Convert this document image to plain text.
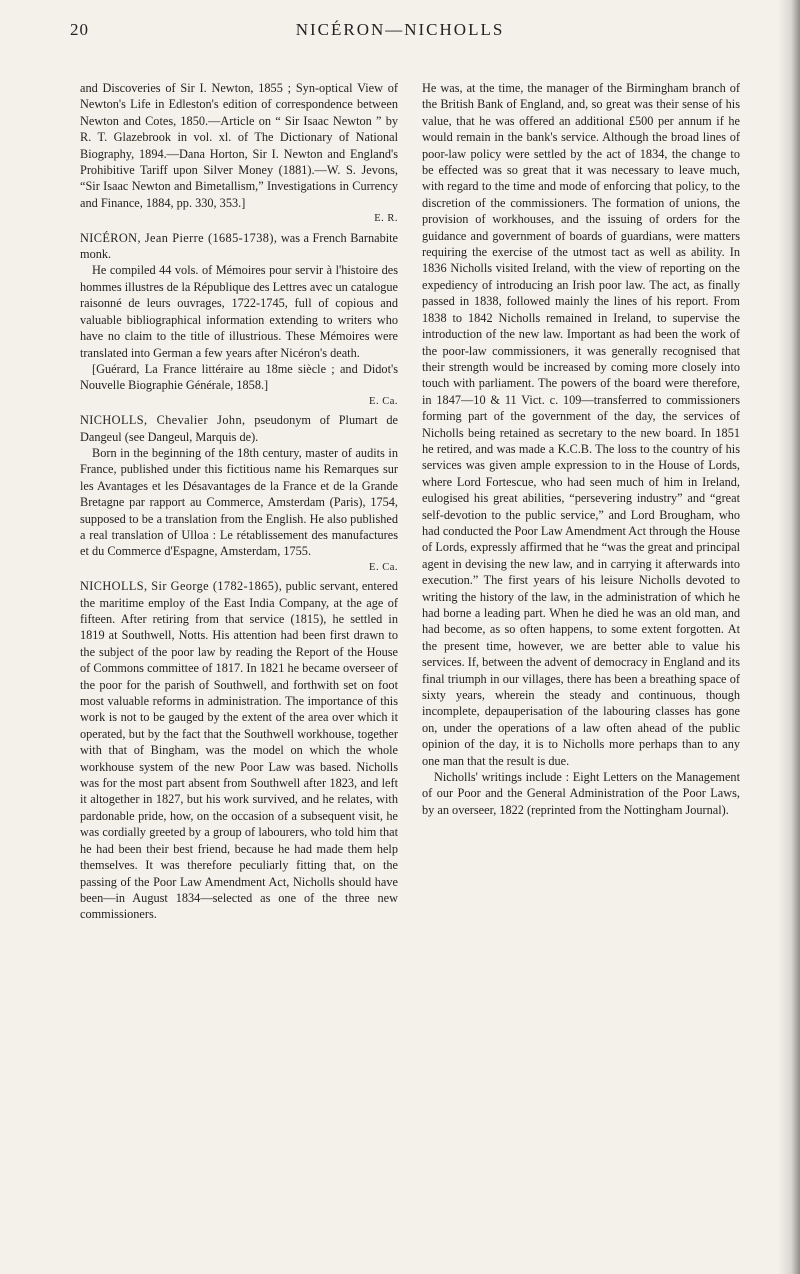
20	NICÉRON—NICHOLLS

and Discoveries of Sir I. Newton, 1855 ; Syn-optical View of Newton's Life in Edleston's edition of correspondence between Newton and Cotes, 1850.—Article on “ Sir Isaac Newton ” by R. T. Glazebrook in vol. xl. of The Dictionary of National Biography, 1894.—Dana Horton, Sir I. Newton and England's Prohibitive Tariff upon Silver Money (1881).—W. S. Jevons, “Sir Isaac Newton and Bimetallism,” Investigations in Currency and Finance, 1884, pp. 330, 353.]

E. R.

NICÉRON, Jean Pierre (1685-1738), was a French Barnabite monk.

He compiled 44 vols. of Mémoires pour servir à l'histoire des hommes illustres de la République des Lettres avec un catalogue raisonné de leurs ouvrages, 1722-1745, full of copious and valuable bibliographical information extending to writers who have no claim to the title of illustrious. These Mémoires were translated into German a few years after Nicéron's death.

[Guérard, La France littéraire au 18me siècle ; and Didot's Nouvelle Biographie Générale, 1858.]

E. Ca.

NICHOLLS, Chevalier John, pseudonym of Plumart de Dangeul (see Dangeul, Marquis de).

Born in the beginning of the 18th century, master of audits in France, published under this fictitious name his Remarques sur les Avantages et les Désavantages de la France et de la Grande Bretagne par rapport au Commerce, Amsterdam (Paris), 1754, supposed to be a translation from the English. He also published a real translation of Ulloa : Le rétablissement des manufactures et du Commerce d'Espagne, Amsterdam, 1755.

E. Ca.

NICHOLLS, Sir George (1782-1865), public servant, entered the maritime employ of the East India Company, at the age of fifteen. After retiring from that service (1815), he settled in 1819 at Southwell, Notts. His attention had been first drawn to the subject of the poor law by reading the Report of the House of Commons committee of 1817. In 1821 he became overseer of the poor for the parish of Southwell, and forthwith set on foot most valuable reforms in administration. The importance of this work is not to be gauged by the extent of the area over which it operated, but by the fact that the Southwell workhouse, together with that of Bingham, was the model on which the whole workhouse system of the new Poor Law was based. Nicholls was for the most part absent from Southwell after 1823, and left it altogether in 1827, but his work survived, and he relates, with pardonable pride, how, on the occasion of a subsequent visit, he was cordially greeted by a group of labourers, who told him that he had been their best friend, because he had made them help themselves. It was therefore peculiarly fitting that, on the passing of the Poor Law Amendment Act, Nicholls should have been—in August 1834—selected as one of the three new commissioners.

He was, at the time, the manager of the Birmingham branch of the British Bank of England, and, so great was their sense of his value, that he was offered an additional £500 per annum if he would remain in the bank's service. Although the broad lines of poor-law policy were settled by the act of 1834, the change to be effected was so great that it was necessary to leave much, with regard to the time and mode of enforcing that policy, to the discretion of the commissioners. The formation of unions, the provision of workhouses, and the issuing of orders for the guidance and government of boards of guardians, were matters requiring the exercise of the utmost tact as well as ability. In 1836 Nicholls visited Ireland, with the view of reporting on the expediency of introducing an Irish poor law. The act, as finally passed in 1838, followed mainly the lines of his report. From 1838 to 1842 Nicholls remained in Ireland, to supervise the introduction of the new law. Important as had been the work of the poor-law commissioners, it was generally recognised that their strength would be increased by coming more closely into touch with parliament. The powers of the board were therefore, in 1847—10 & 11 Vict. c. 109—transferred to commissioners forming part of the government of the day, the services of Nicholls being retained as secretary to the new board. In 1851 he retired, and was made a K.C.B. The loss to the country of his services was given ample expression to in the House of Lords, where Lord Fortescue, who had seen much of him in Ireland, eulogised his great abilities, “persevering industry” and “great self-devotion to the public service,” and Lord Brougham, who had conducted the Poor Law Amendment Act through the House of Lords, expressly affirmed that he “was the great and principal agent in devising the new law, and in carrying it afterwards into execution.” The first years of his leisure Nicholls devoted to writing the history of the law, in the administration of which he had borne a leading part. When he died he was an old man, and had become, as so often happens, to some extent forgotten. At the present time, however, we are better able to value his services. If, between the advent of democracy in England and its final triumph in our villages, there has been a breathing space of sixty years, wherein the steady and continuous, though incomplete, depauperisation of the labouring classes has gone on, under the operations of a law often ahead of the public opinion of the day, it is to Nicholls more perhaps than to any one man that the result is due.

Nicholls' writings include : Eight Letters on the Management of our Poor and the General Administration of the Poor Laws, by an overseer, 1822 (reprinted from the Nottingham Journal).
